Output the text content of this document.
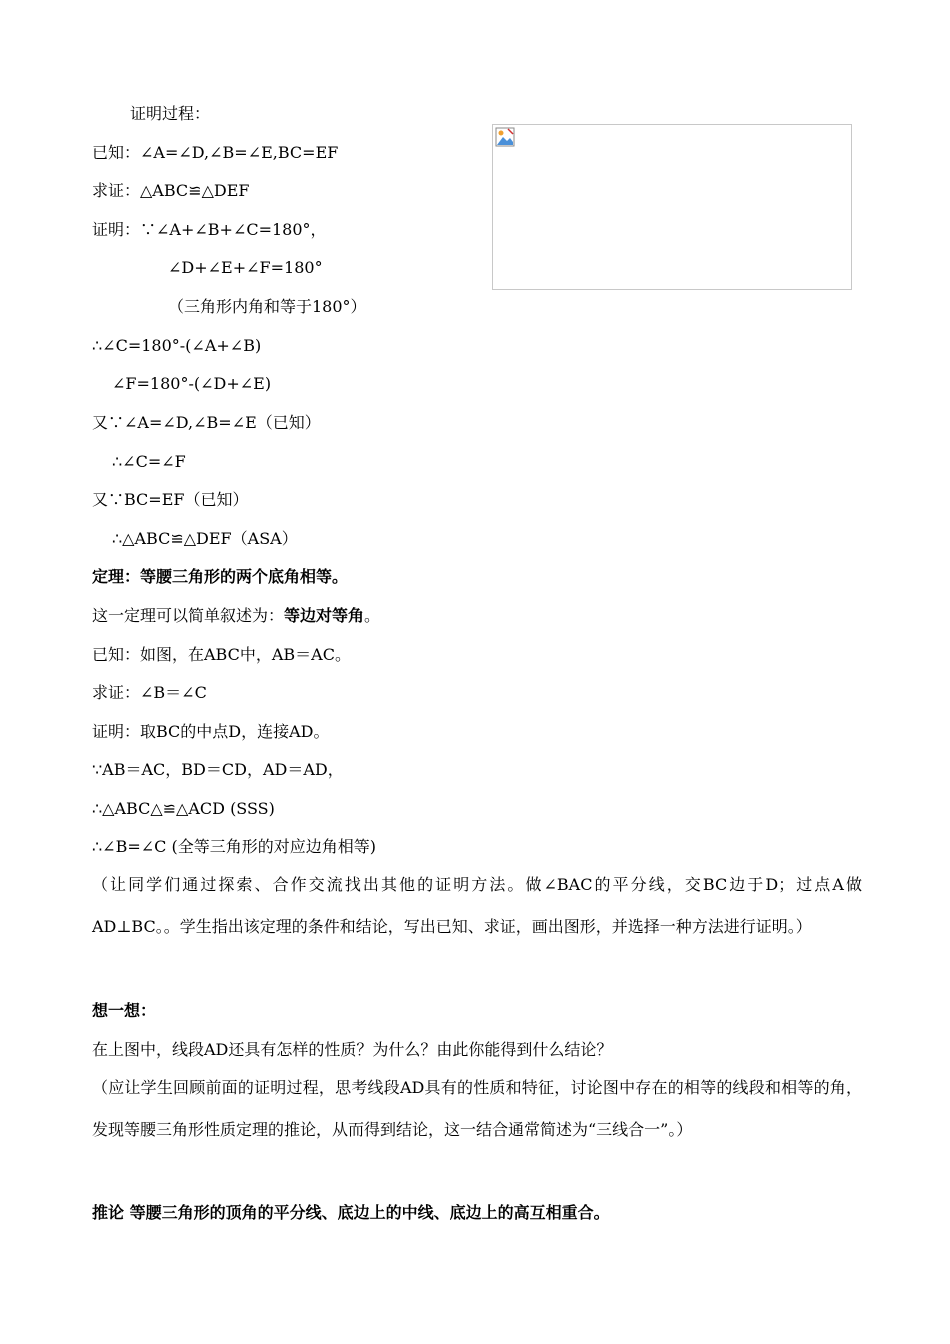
证明过程：
已知：∠A=∠D,∠B=∠E,BC=EF
求证：△ABC≌△DEF
证明：∵∠A+∠B+∠C=180°，
∠D+∠E+∠F=180°
（三角形内角和等于180°）
∴∠C=180°-(∠A+∠B)
∠F=180°-(∠D+∠E)
又∵∠A=∠D,∠B=∠E（已知）
∴∠C=∠F
又∵BC=EF（已知）
∴△ABC≌△DEF（ASA）
定理：等腰三角形的两个底角相等。
这一定理可以简单叙述为：等边对等角。
已知：如图，在ABC中，AB＝AC。
求证：∠B＝∠C
证明：取BC的中点D，连接AD。
∵AB＝AC，BD＝CD，AD＝AD，
∴△ABC△≌△ACD (SSS)
∴∠B=∠C (全等三角形的对应边角相等)
（让同学们通过探索、合作交流找出其他的证明方法。做∠BAC的平分线，交BC边于D；过点A做AD⊥BC。。学生指出该定理的条件和结论，写出已知、求证，画出图形，并选择一种方法进行证明。）
想一想：
在上图中，线段AD还具有怎样的性质？为什么？由此你能得到什么结论？
（应让学生回顾前面的证明过程，思考线段AD具有的性质和特征，讨论图中存在的相等的线段和相等的角，发现等腰三角形性质定理的推论，从而得到结论，这一结合通常简述为“三线合一”。）
推论 等腰三角形的顶角的平分线、底边上的中线、底边上的高互相重合。
